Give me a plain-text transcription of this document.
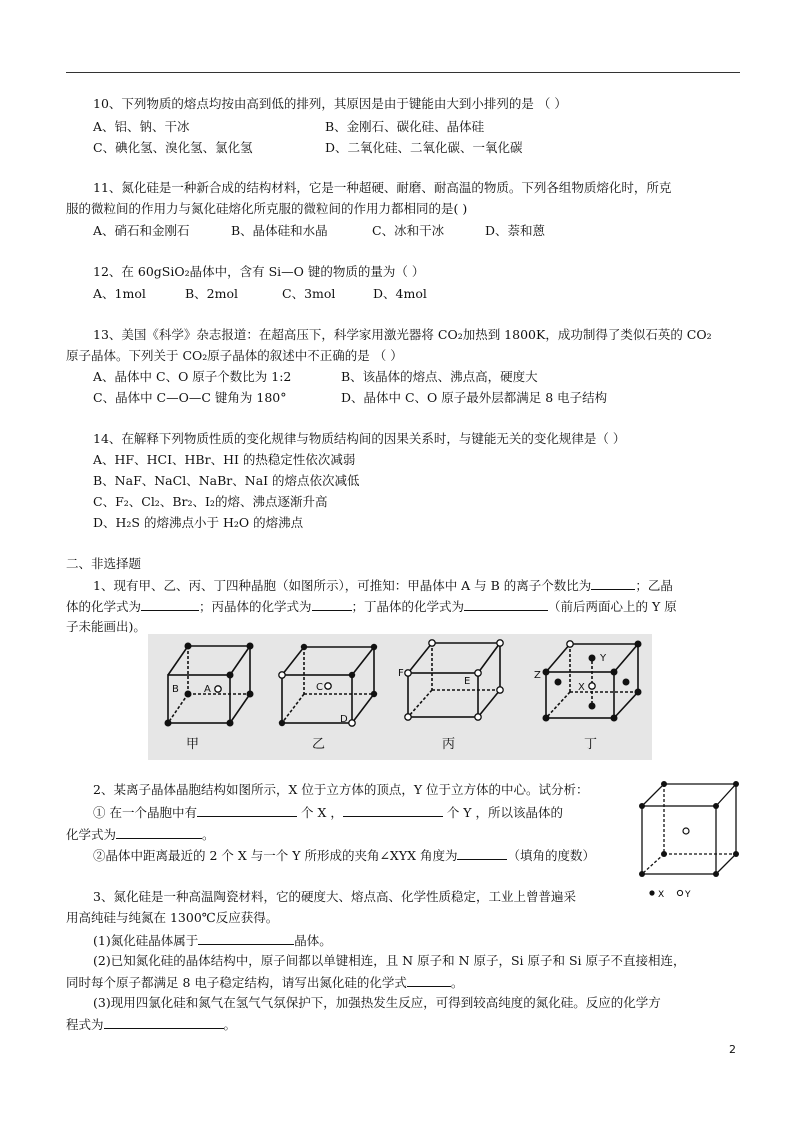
10、下列物质的熔点均按由高到低的排列，其原因是由于键能由大到小排列的是 （ ）
A、铝、钠、干冰	B、金刚石、碳化硅、晶体硅
C、碘化氢、溴化氢、氯化氢	D、二氧化硅、二氧化碳、一氧化碳
11、氮化硅是一种新合成的结构材料，它是一种超硬、耐磨、耐高温的物质。下列各组物质熔化时，所克
服的微粒间的作用力与氮化硅熔化所克服的微粒间的作用力都相同的是( )
A、硝石和金刚石	B、晶体硅和水晶	C、冰和干冰	D、萘和蒽
12、在 60gSiO₂晶体中，含有 Si—O 键的物质的量为（ ）
A、1mol	B、2mol	C、3mol	D、4mol
13、美国《科学》杂志报道：在超高压下，科学家用激光器将 CO₂加热到 1800K，成功制得了类似石英的 CO₂
原子晶体。下列关于 CO₂原子晶体的叙述中不正确的是 （ ）
A、晶体中 C、O 原子个数比为 1:2	B、该晶体的熔点、沸点高，硬度大
C、晶体中 C—O—C 键角为 180°	D、晶体中 C、O 原子最外层都满足 8 电子结构
14、在解释下列物质性质的变化规律与物质结构间的因果关系时，与键能无关的变化规律是（ ）
A、HF、HCI、HBr、HI 的热稳定性依次减弱
B、NaF、NaCl、NaBr、NaI 的熔点依次减低
C、F₂、Cl₂、Br₂、I₂的熔、沸点逐渐升高
D、H₂S 的熔沸点小于 H₂O 的熔沸点
二、非选择题
1、现有甲、乙、丙、丁四种晶胞（如图所示），可推知：甲晶体中 A 与 B 的离子个数比为	；乙晶
体的化学式为	；丙晶体的化学式为	；丁晶体的化学式为	（前后两面心上的 Y 原
子未能画出)。
B	A	C
D
F
E
Z
X
Y
甲	乙	丙	丁
2、某离子晶体晶胞结构如图所示，X 位于立方体的顶点，Y 位于立方体的中心。试分析：
① 在一个晶胞中有	个 X ，	个 Y ，所以该晶体的
化学式为	。
②晶体中距离最近的 2 个 X 与一个 Y 所形成的夹角∠XYX 角度为	（填角的度数）
X Y
3、氮化硅是一种高温陶瓷材料，它的硬度大、熔点高、化学性质稳定，工业上曾普遍采
用高纯硅与纯氮在 1300℃反应获得。
(1)氮化硅晶体属于	晶体。
(2)已知氮化硅的晶体结构中，原子间都以单键相连，且 N 原子和 N 原子，Si 原子和 Si 原子不直接相连，
同时每个原子都满足 8 电子稳定结构，请写出氮化硅的化学式	。
(3)现用四氯化硅和氮气在氢气气氛保护下，加强热发生反应，可得到较高纯度的氮化硅。反应的化学方
程式为	。
2
